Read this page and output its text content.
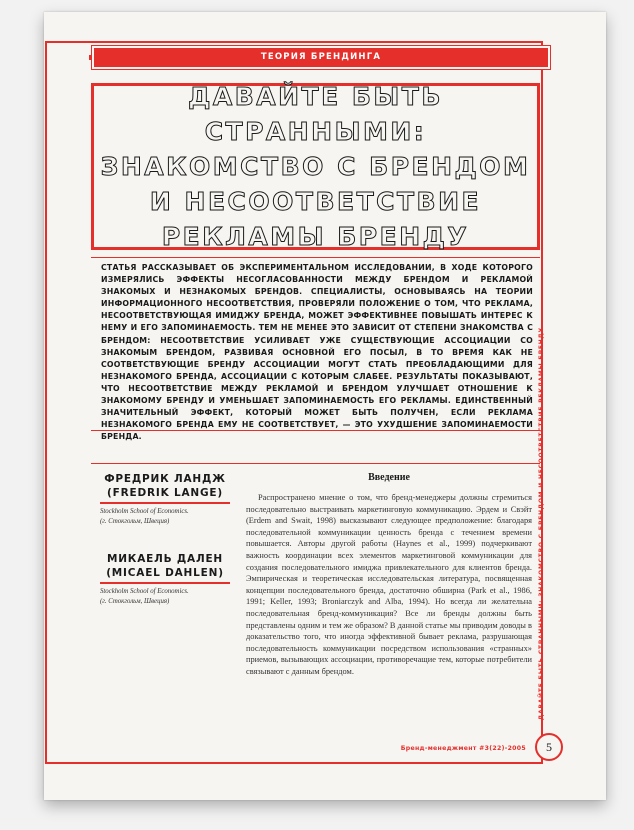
ТЕОРИЯ БРЕНДИНГА
ДАВАЙТЕ БЫТЬ СТРАННЫМИ:
ЗНАКОМСТВО С БРЕНДОМ
И НЕСООТВЕТСТВИЕ
РЕКЛАМЫ БРЕНДУ
СТАТЬЯ РАССКАЗЫВАЕТ ОБ ЭКСПЕРИМЕНТАЛЬНОМ ИССЛЕДОВАНИИ, В ХОДЕ КОТОРОГО ИЗМЕРЯЛИСЬ ЭФФЕКТЫ НЕСОГЛАСОВАННОСТИ МЕЖДУ БРЕНДОМ И РЕКЛАМОЙ ЗНАКОМЫХ И НЕЗНАКОМЫХ БРЕНДОВ. СПЕЦИАЛИСТЫ, ОСНОВЫВАЯСЬ НА ТЕОРИИ ИНФОРМАЦИОННОГО НЕСООТВЕТСТВИЯ, ПРОВЕРЯЛИ ПОЛОЖЕНИЕ О ТОМ, ЧТО РЕКЛАМА, НЕСООТВЕТСТВУЮЩАЯ ИМИДЖУ БРЕНДА, МОЖЕТ ЭФФЕКТИВНЕЕ ПОВЫШАТЬ ИНТЕРЕС К НЕМУ И ЕГО ЗАПОМИНАЕМОСТЬ. ТЕМ НЕ МЕНЕЕ ЭТО ЗАВИСИТ ОТ СТЕПЕНИ ЗНАКОМСТВА С БРЕНДОМ: НЕСООТВЕТСТВИЕ УСИЛИВАЕТ УЖЕ СУЩЕСТВУЮЩИЕ АССОЦИАЦИИ СО ЗНАКОМЫМ БРЕНДОМ, РАЗВИВАЯ ОСНОВНОЙ ЕГО ПОСЫЛ, В ТО ВРЕМЯ КАК НЕ СООТВЕТСТВУЮЩИЕ БРЕНДУ АССОЦИАЦИИ МОГУТ СТАТЬ ПРЕОБЛАДАЮЩИМИ ДЛЯ НЕЗНАКОМОГО БРЕНДА, АССОЦИАЦИИ С КОТОРЫМ СЛАБЕЕ. РЕЗУЛЬТАТЫ ПОКАЗЫВАЮТ, ЧТО НЕСООТВЕТСТВИЕ МЕЖДУ РЕКЛАМОЙ И БРЕНДОМ УЛУЧШАЕТ ОТНОШЕНИЕ К ЗНАКОМОМУ БРЕНДУ И УМЕНЬШАЕТ ЗАПОМИНАЕМОСТЬ ЕГО РЕКЛАМЫ. ЕДИНСТВЕННЫЙ ЗНАЧИТЕЛЬНЫЙ ЭФФЕКТ, КОТОРЫЙ МОЖЕТ БЫТЬ ПОЛУЧЕН, ЕСЛИ РЕКЛАМА НЕЗНАКОМОГО БРЕНДА ЕМУ НЕ СООТВЕТСТВУЕТ, — ЭТО УХУДШЕНИЕ ЗАПОМИНАЕМОСТИ БРЕНДА.
ФРЕДРИК ЛАНДЖ
(FREDRIK LANGE)
Stockholm School of Economics.
(г. Стокгольм, Швеция)
МИКАЕЛЬ ДАЛЕН
(MICAEL DAHLEN)
Stockholm School of Economics.
(г. Стокгольм, Швеция)
Введение
Распространено мнение о том, что бренд-менеджеры должны стремиться последовательно выстраивать маркетинговую коммуникацию. Эрдем и Свэйт (Erdem and Swait, 1998) высказывают следующее предположение: благодаря последовательной коммуникации ценность бренда с течением времени повышается. Авторы другой работы (Haynes et al., 1999) подчеркивают важность координации всех элементов маркетинговой коммуникации для создания последовательного имиджа привлекательного для клиентов бренда. Эмпирическая и теоретическая исследовательская литература, посвященная концепции последовательного бренда, достаточно обширна (Park et al., 1986, 1991; Keller, 1993; Broniarczyk and Alba, 1994). Но всегда ли желательна последовательная бренд-коммуникация? Все ли бренды должны быть представлены одним и тем же образом? В данной статье мы приводим доводы в доказательство того, что иногда эффективной бывает реклама, разрушающая последовательность коммуникации посредством использования «странных» приемов, вызывающих ассоциации, противоречащие тем, которые потребители связывают с данным брендом.	ДАВАЙТЕ БЫТЬ СТРАННЫМИ: ЗНАКОМСТВО С БРЕНДОМ И НЕСООТВЕТСТВИЕ РЕКЛАМЫ БРЕНДУ
Бренд-менеджмент #3(22)-2005	5
